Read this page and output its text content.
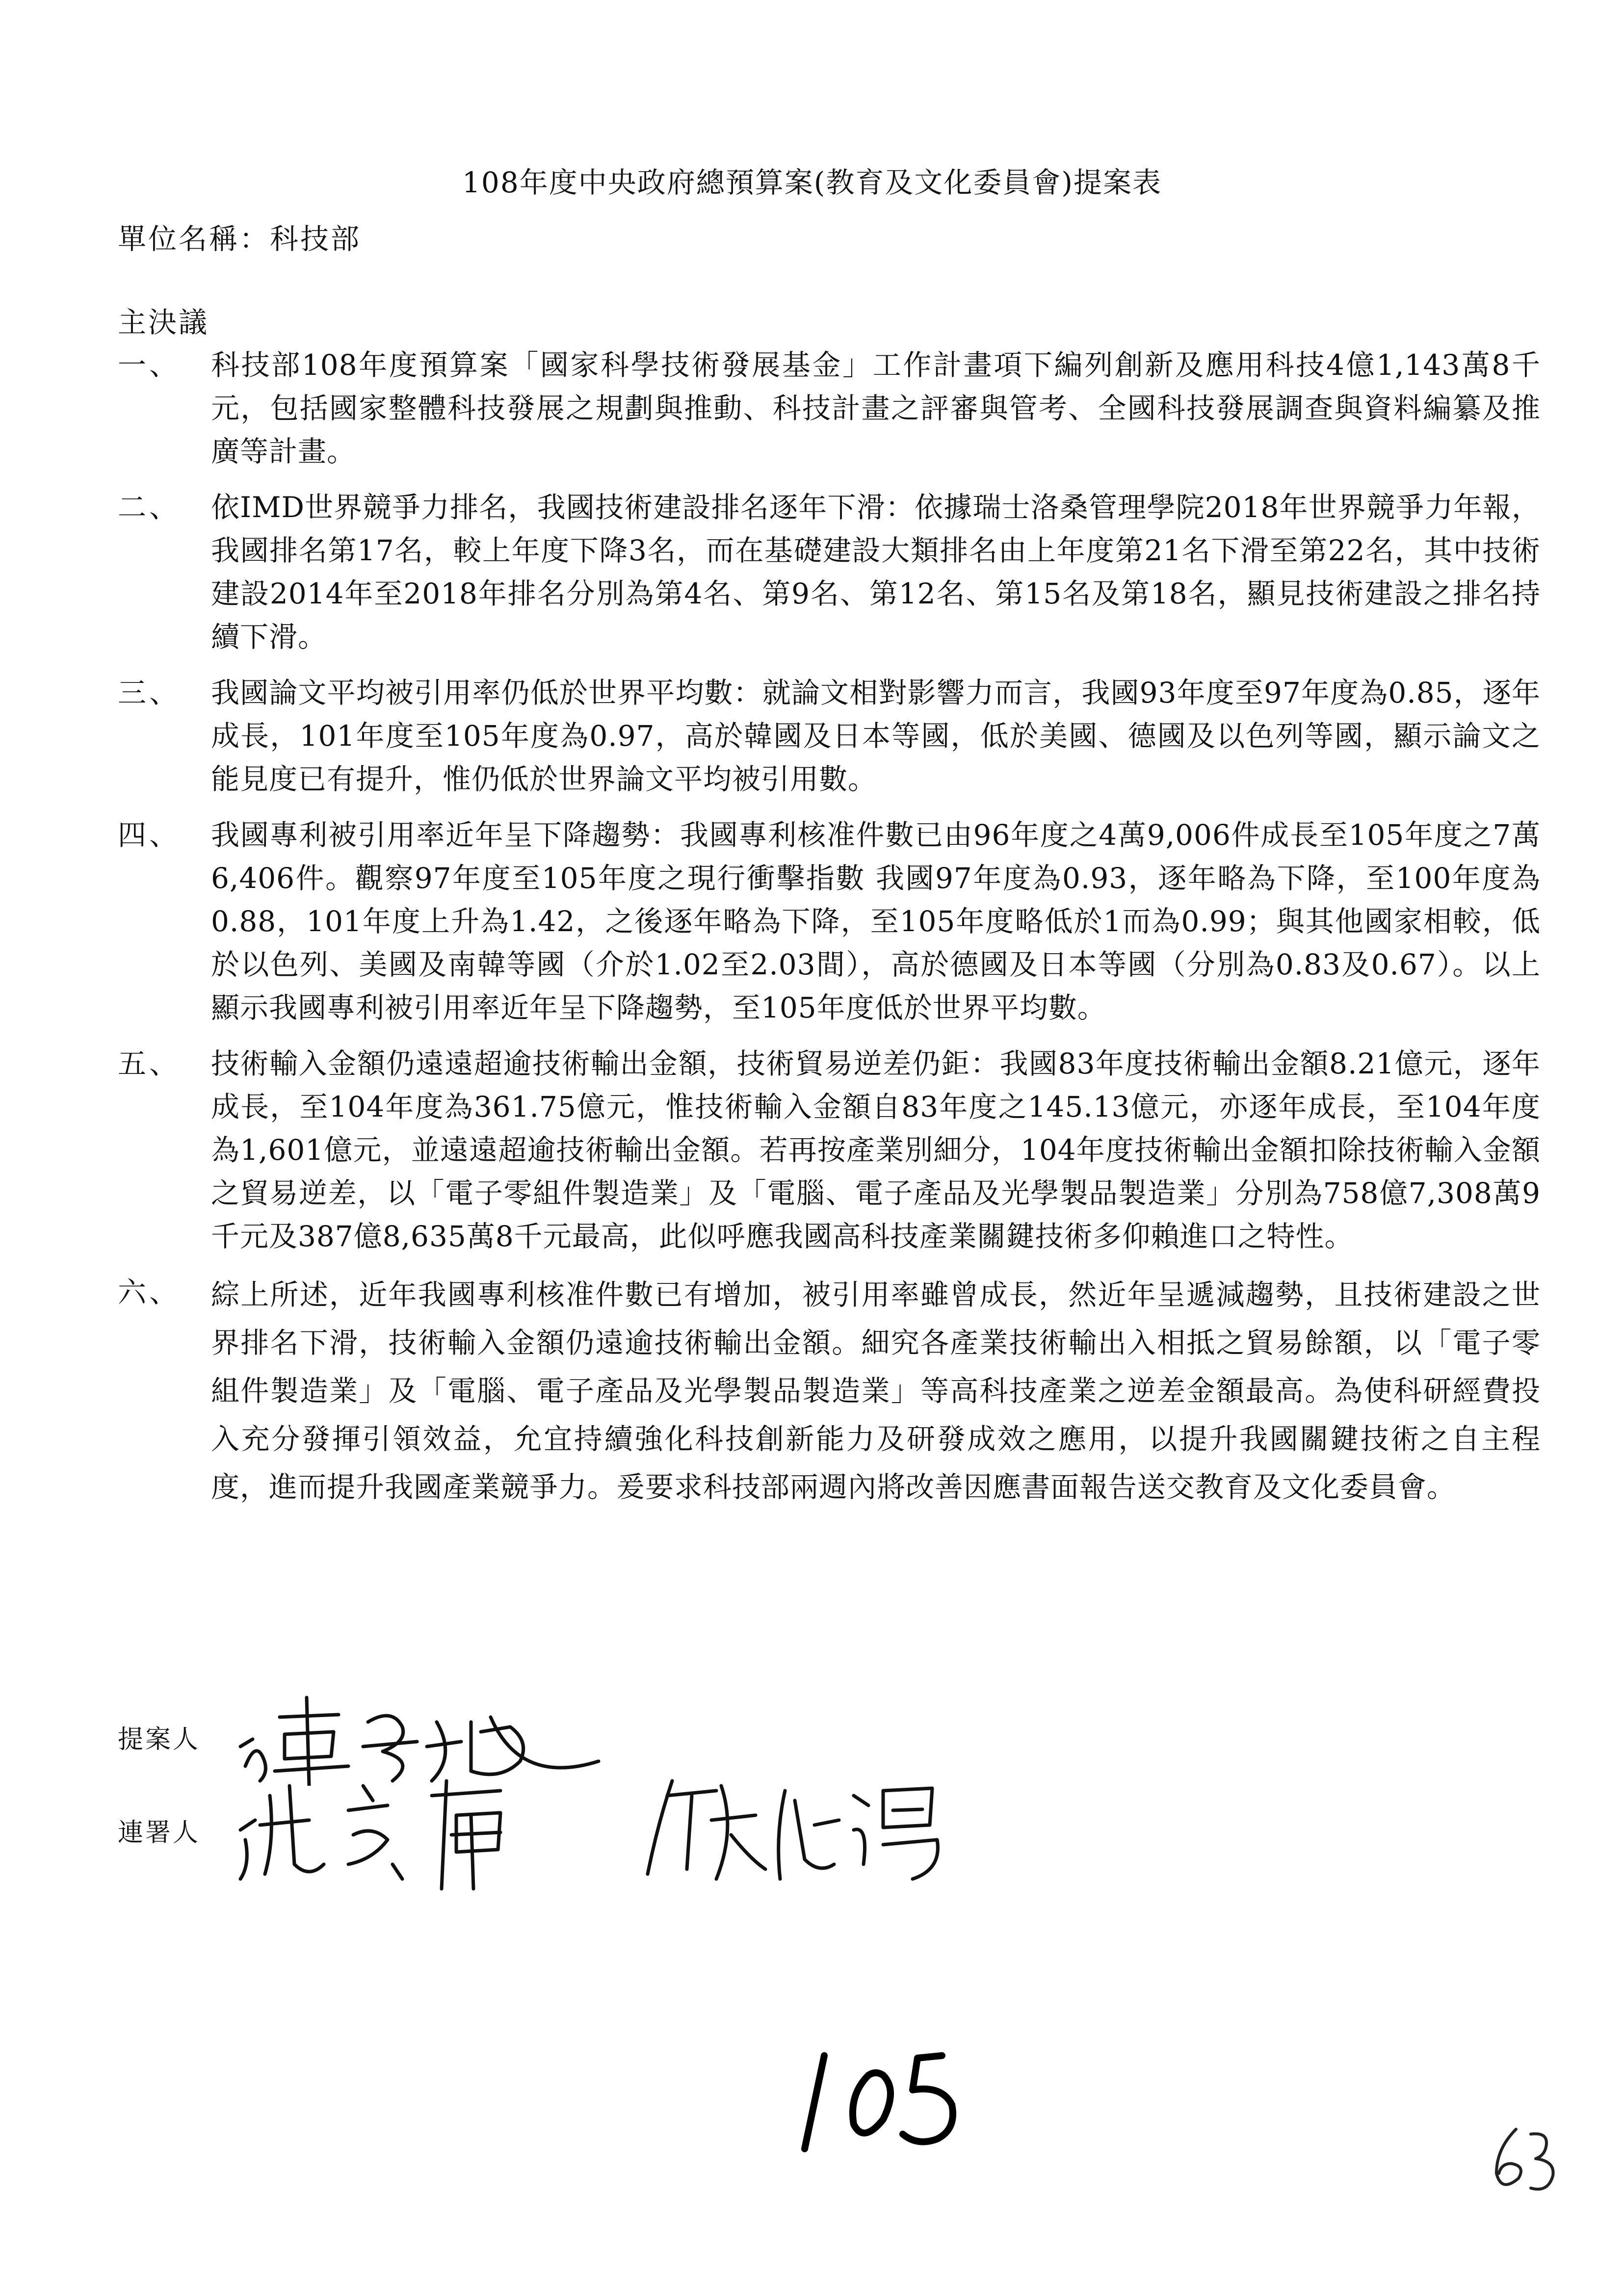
108年度中央政府總預算案(教育及文化委員會)提案表
單位名稱：科技部
主決議
一、	科技部108年度預算案「國家科學技術發展基金」工作計畫項下編列創新及應用科技4億1,143萬8千元，包括國家整體科技發展之規劃與推動、科技計畫之評審與管考、全國科技發展調查與資料編纂及推廣等計畫。
二、	依IMD世界競爭力排名，我國技術建設排名逐年下滑：依據瑞士洛桑管理學院2018年世界競爭力年報，我國排名第17名，較上年度下降3名，而在基礎建設大類排名由上年度第21名下滑至第22名，其中技術建設2014年至2018年排名分別為第4名、第9名、第12名、第15名及第18名，顯見技術建設之排名持續下滑。
三、	我國論文平均被引用率仍低於世界平均數：就論文相對影響力而言，我國93年度至97年度為0.85，逐年成長，101年度至105年度為0.97，高於韓國及日本等國，低於美國、德國及以色列等國，顯示論文之能見度已有提升，惟仍低於世界論文平均被引用數。
四、	我國專利被引用率近年呈下降趨勢：我國專利核准件數已由96年度之4萬9,006件成長至105年度之7萬6,406件。觀察97年度至105年度之現行衝擊指數 我國97年度為0.93，逐年略為下降，至100年度為0.88，101年度上升為1.42，之後逐年略為下降，至105年度略低於1而為0.99；與其他國家相較，低於以色列、美國及南韓等國（介於1.02至2.03間），高於德國及日本等國（分別為0.83及0.67）。以上顯示我國專利被引用率近年呈下降趨勢，至105年度低於世界平均數。
五、	技術輸入金額仍遠遠超逾技術輸出金額，技術貿易逆差仍鉅：我國83年度技術輸出金額8.21億元，逐年成長，至104年度為361.75億元，惟技術輸入金額自83年度之145.13億元，亦逐年成長，至104年度為1,601億元，並遠遠超逾技術輸出金額。若再按產業別細分，104年度技術輸出金額扣除技術輸入金額之貿易逆差，以「電子零組件製造業」及「電腦、電子產品及光學製品製造業」分別為758億7,308萬9千元及387億8,635萬8千元最高，此似呼應我國高科技產業關鍵技術多仰賴進口之特性。
六、	綜上所述，近年我國專利核准件數已有增加，被引用率雖曾成長，然近年呈遞減趨勢，且技術建設之世界排名下滑，技術輸入金額仍遠逾技術輸出金額。細究各產業技術輸出入相抵之貿易餘額，以「電子零組件製造業」及「電腦、電子產品及光學製品製造業」等高科技產業之逆差金額最高。為使科研經費投入充分發揮引領效益，允宜持續強化科技創新能力及研發成效之應用，以提升我國關鍵技術之自主程度，進而提升我國產業競爭力。爰要求科技部兩週內將改善因應書面報告送交教育及文化委員會。
提案人
連署人
